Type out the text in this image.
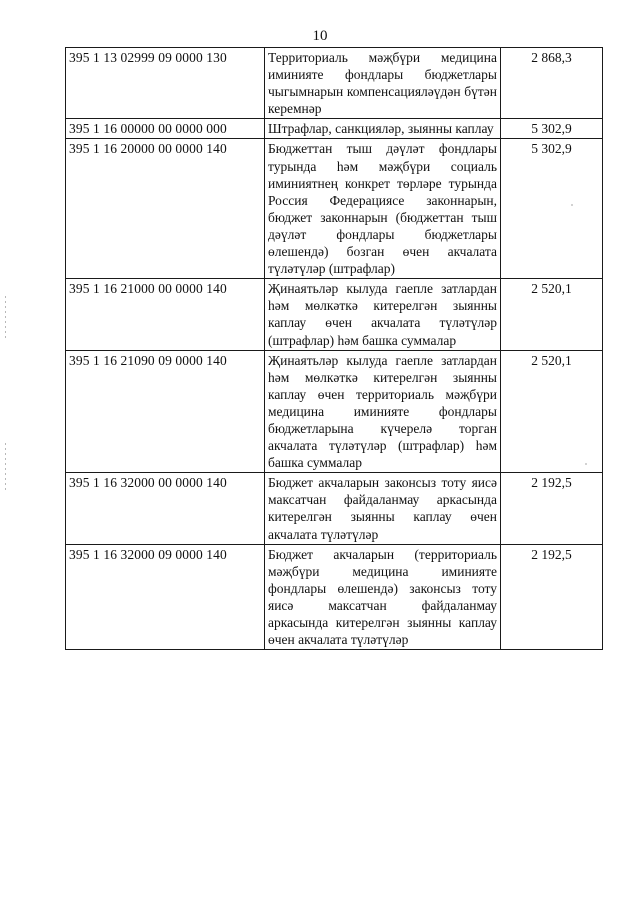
10
395 1 13 02999 09 0000 130	Территориаль мәҗбүри медицина иминияте фондлары бюджетлары чыгымнарын компенсацияләүдән бүтән керемнәр	2 868,3
395 1 16 00000 00 0000 000	Штрафлар, санкцияләр, зыянны каплау	5 302,9
395 1 16 20000 00 0000 140	Бюджеттан тыш дәүләт фондлары турында һәм мәҗбүри социаль иминиятнең конкрет төрләре турында Россия Федерациясе законнарын, бюджет законнарын (бюджеттан тыш дәүләт фондлары бюджетлары өлешендә) бозган өчен акчалата түләтүләр (штрафлар)	5 302,9
395 1 16 21000 00 0000 140	Җинаятьләр кылуда гаепле затлардан һәм мөлкәткә китерелгән зыянны каплау өчен акчалата түләтүләр (штрафлар) һәм башка суммалар	2 520,1
395 1 16 21090 09 0000 140	Җинаятьләр кылуда гаепле затлардан һәм мөлкәткә китерелгән зыянны каплау өчен территориаль мәҗбүри медицина иминияте фондлары бюджетларына күчерелә торган акчалата түләтүләр (штрафлар) һәм башка суммалар	2 520,1
395 1 16 32000 00 0000 140	Бюджет акчаларын законсыз тоту яисә максатчан файдаланмау аркасында китерелгән зыянны каплау өчен акчалата түләтүләр	2 192,5
395 1 16 32000 09 0000 140	Бюджет акчаларын (территориаль мәҗбүри медицина иминияте фондлары өлешендә) законсыз тоту яисә максатчан файдаланмау аркасында китерелгән зыянны каплау өчен акчалата түләтүләр	2 192,5
